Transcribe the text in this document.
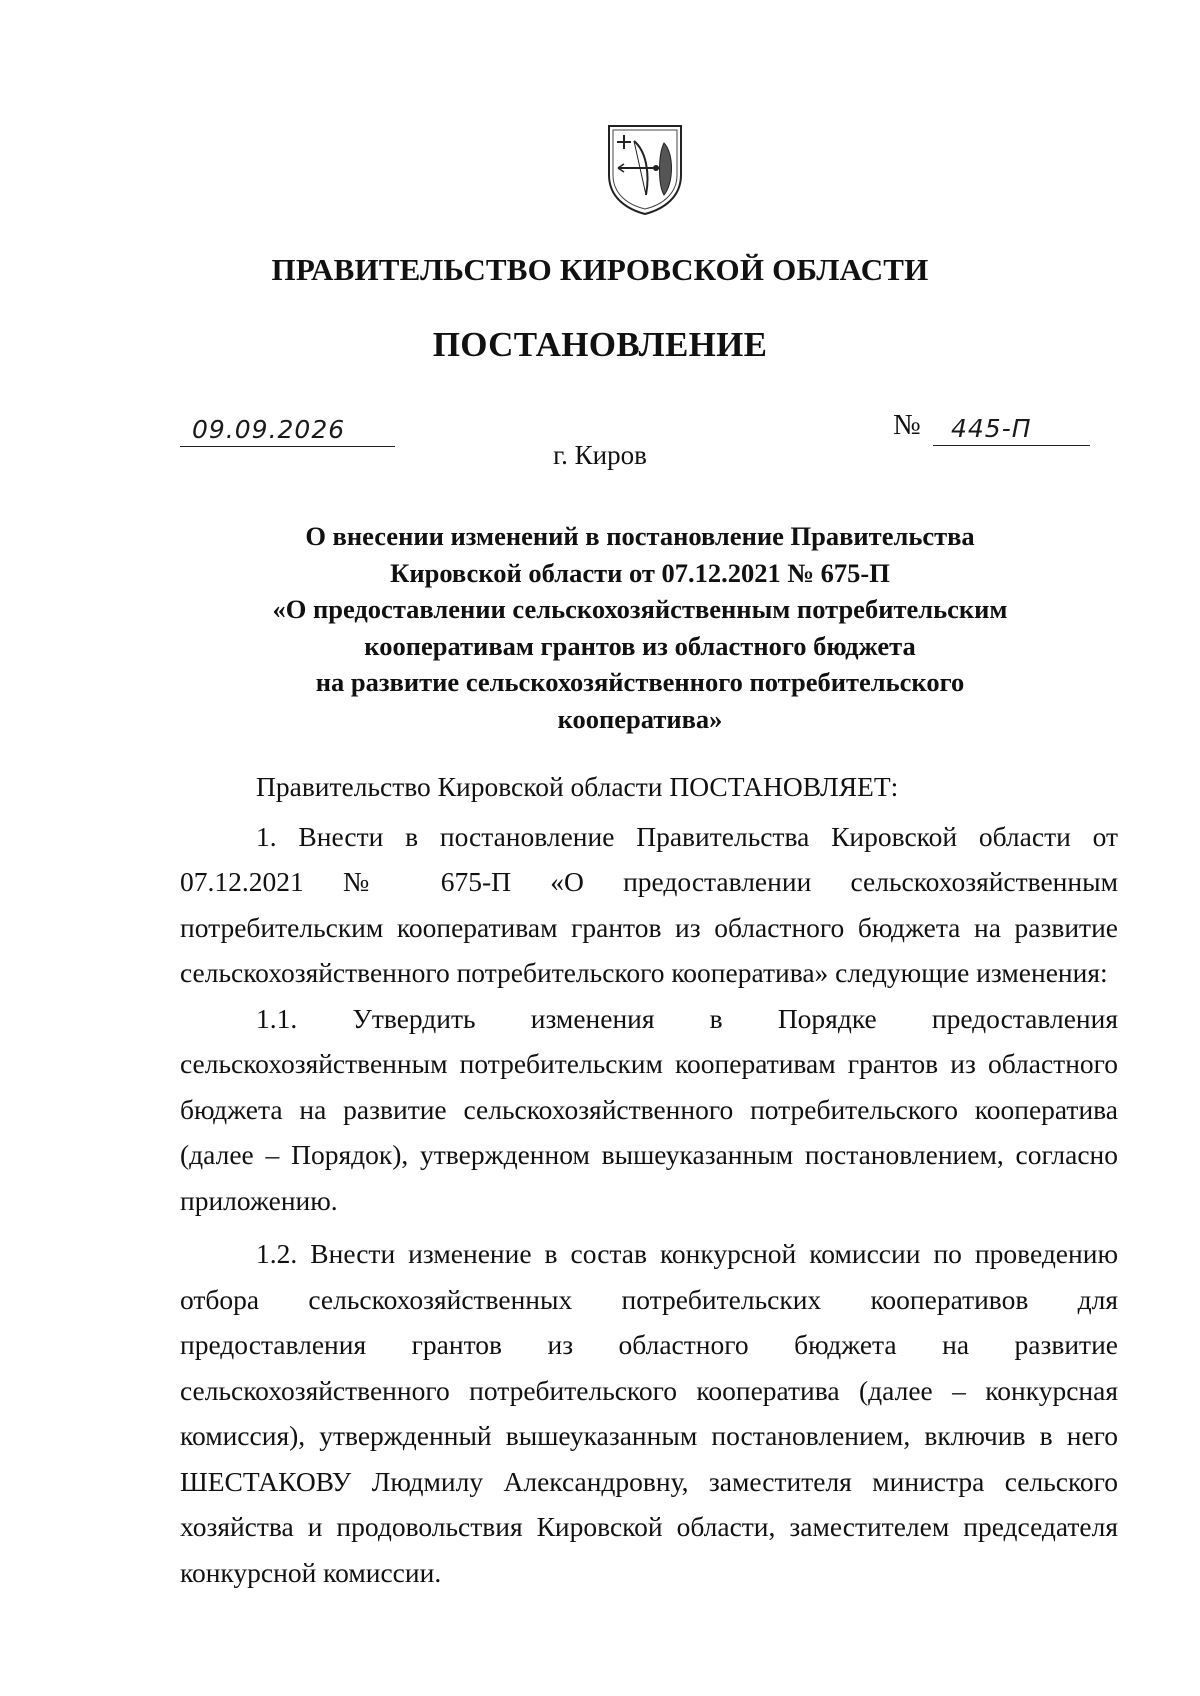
ПРАВИТЕЛЬСТВО КИРОВСКОЙ ОБЛАСТИ
ПОСТАНОВЛЕНИЕ
09.09.2026	№ 445-П
г. Киров
О внесении изменений в постановление Правительства
Кировской области от 07.12.2021 № 675-П
«О предоставлении сельскохозяйственным потребительским
кооперативам грантов из областного бюджета
на развитие сельскохозяйственного потребительского
кооператива»

Правительство Кировской области ПОСТАНОВЛЯЕТ:

1. Внести в постановление Правительства Кировской области от 07.12.2021 № 675-П «О предоставлении сельскохозяйственным потребительским кооперативам грантов из областного бюджета на развитие сельскохозяйственного потребительского кооператива» следующие изменения:

1.1. Утвердить изменения в Порядке предоставления сельскохозяйственным потребительским кооперативам грантов из областного бюджета на развитие сельскохозяйственного потребительского кооператива (далее – Порядок), утвержденном вышеуказанным постановлением, согласно приложению.

1.2. Внести изменение в состав конкурсной комиссии по проведению отбора сельскохозяйственных потребительских кооперативов для предоставления грантов из областного бюджета на развитие сельскохозяйственного потребительского кооператива (далее – конкурсная комиссия), утвержденный вышеуказанным постановлением, включив в него ШЕСТАКОВУ Людмилу Александровну, заместителя министра сельского хозяйства и продовольствия Кировской области, заместителем председателя конкурсной комиссии.
